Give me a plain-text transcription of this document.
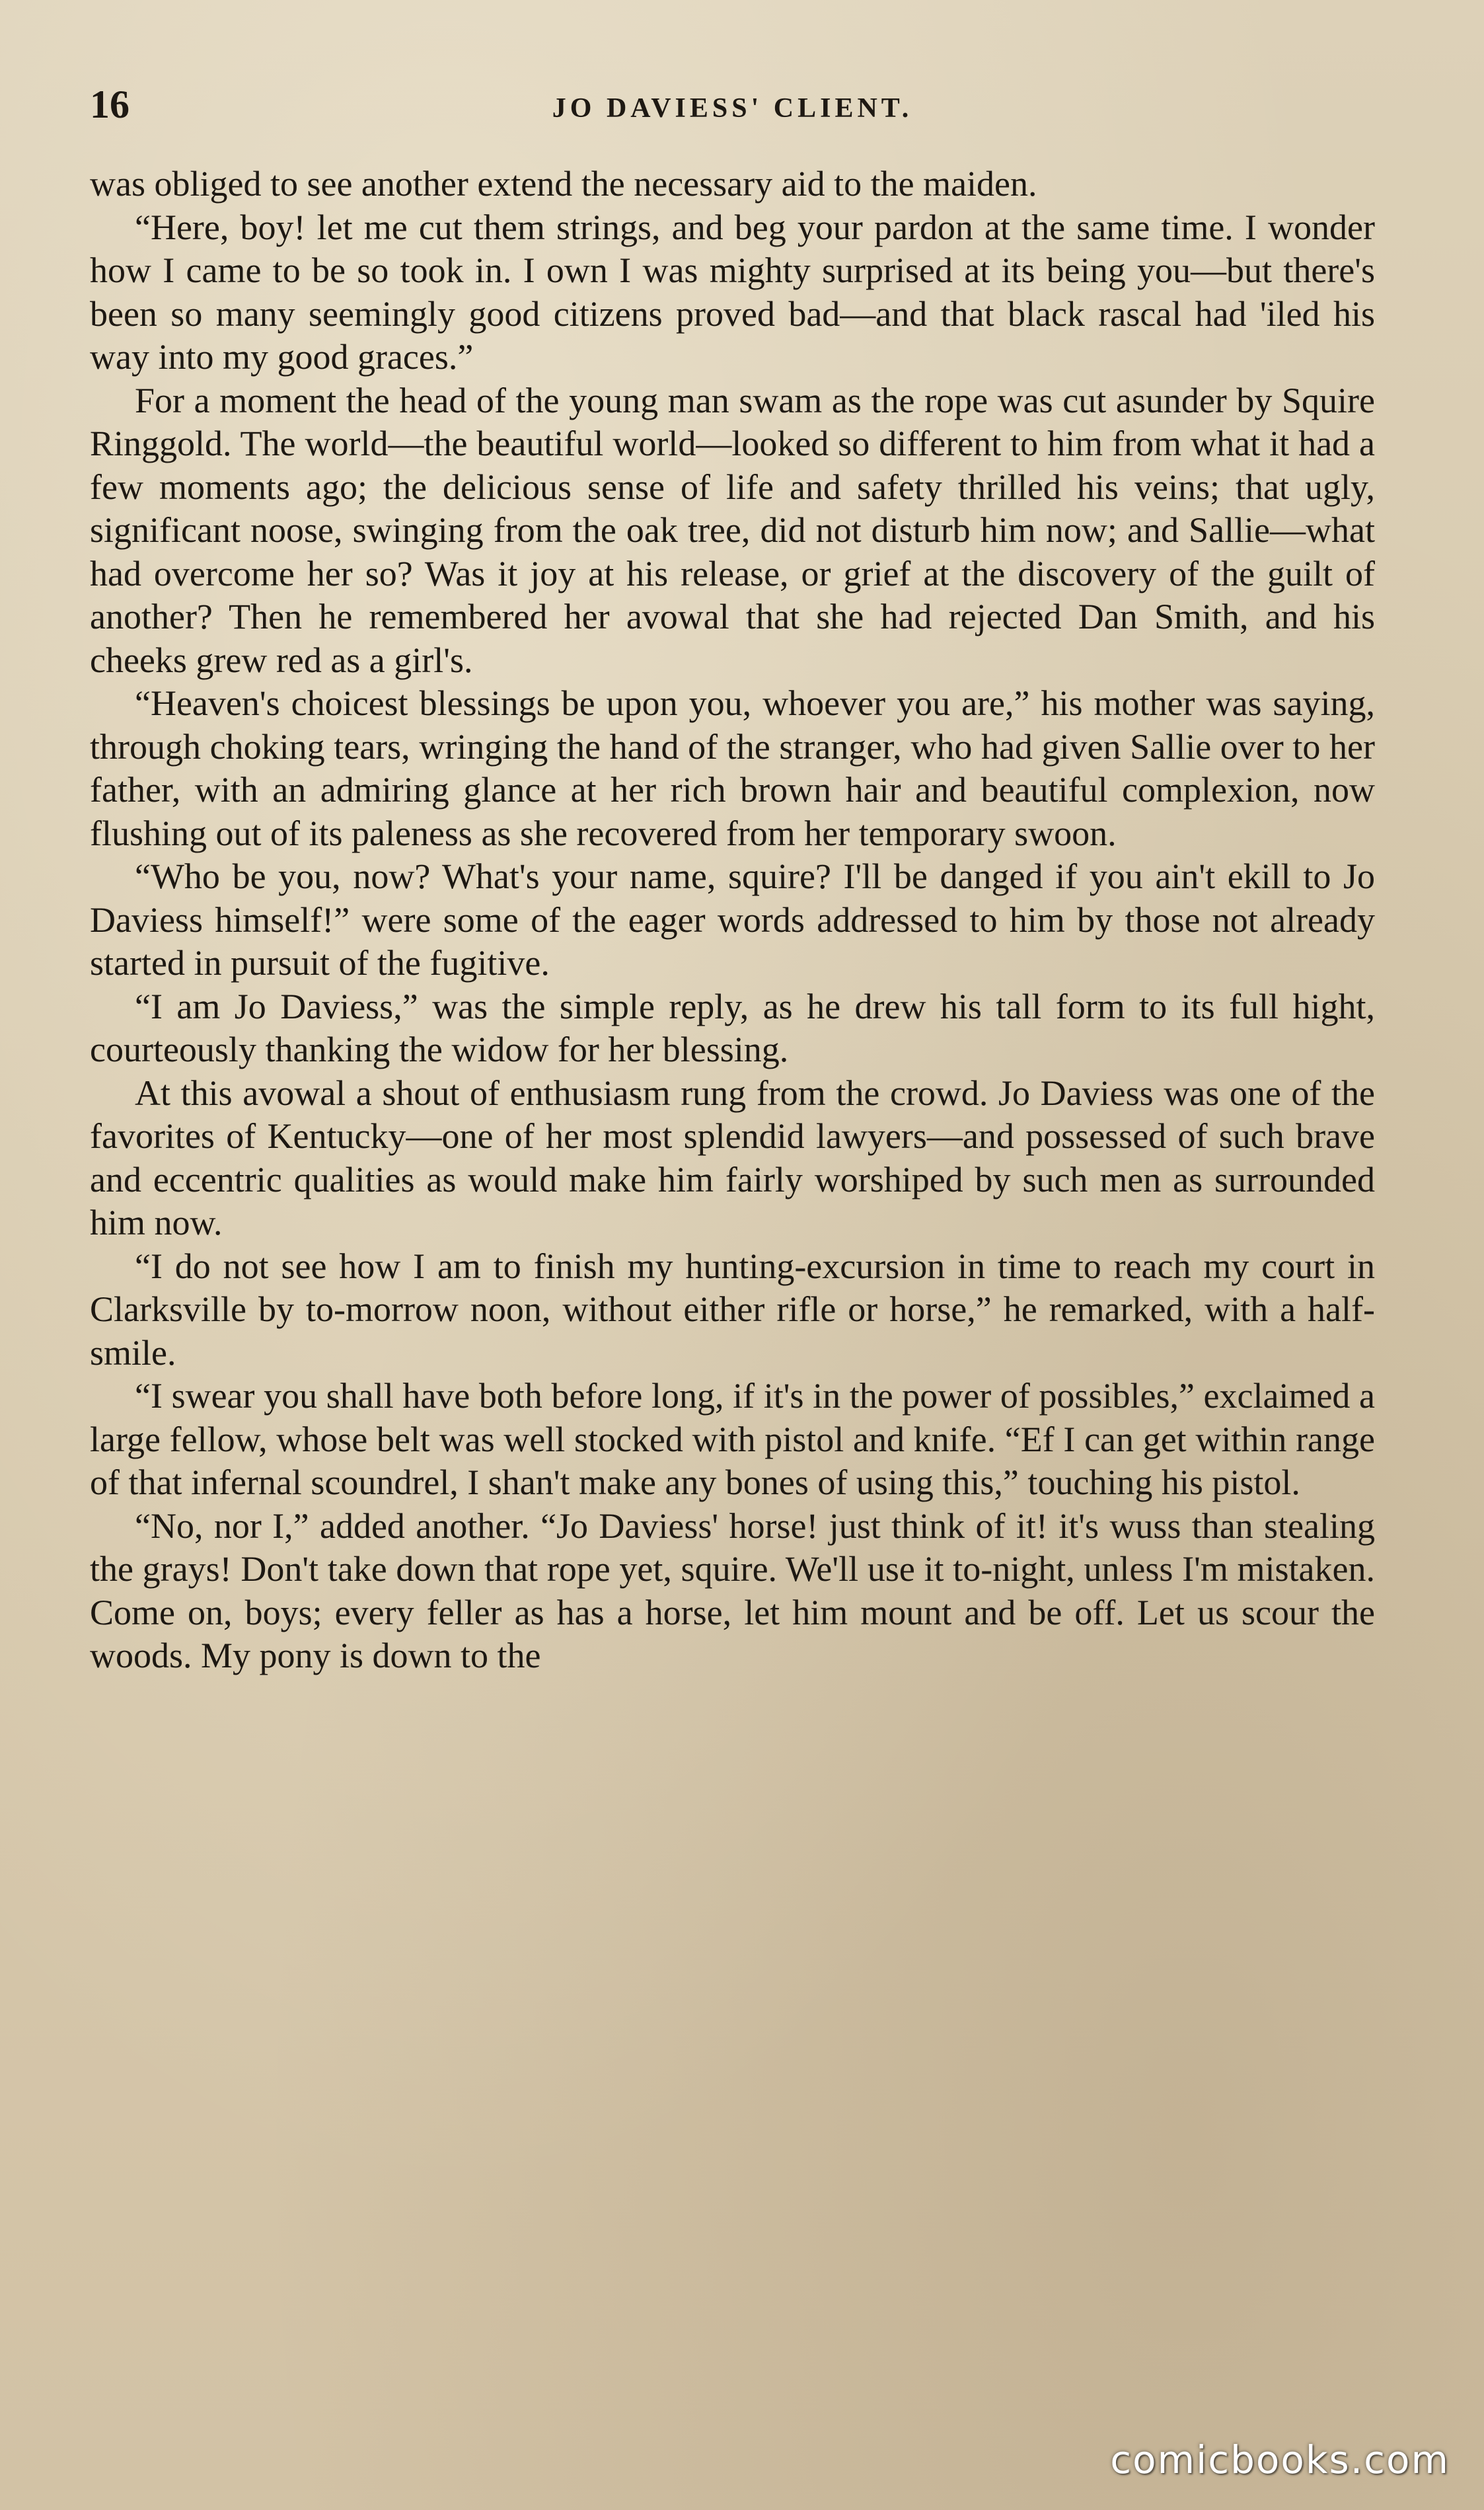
16	JO DAVIESS' CLIENT.

was obliged to see another extend the necessary aid to the maiden.

“Here, boy! let me cut them strings, and beg your pardon at the same time. I wonder how I came to be so took in. I own I was mighty surprised at its being you—but there's been so many seemingly good citizens proved bad—and that black rascal had 'iled his way into my good graces.”

For a moment the head of the young man swam as the rope was cut asunder by Squire Ringgold. The world—the beautiful world—looked so different to him from what it had a few moments ago; the delicious sense of life and safety thrilled his veins; that ugly, significant noose, swinging from the oak tree, did not disturb him now; and Sallie—what had overcome her so? Was it joy at his release, or grief at the discovery of the guilt of another? Then he remembered her avowal that she had rejected Dan Smith, and his cheeks grew red as a girl's.

“Heaven's choicest blessings be upon you, whoever you are,” his mother was saying, through choking tears, wringing the hand of the stranger, who had given Sallie over to her father, with an admiring glance at her rich brown hair and beautiful complexion, now flushing out of its paleness as she recovered from her temporary swoon.

“Who be you, now? What's your name, squire? I'll be danged if you ain't ekill to Jo Daviess himself!” were some of the eager words addressed to him by those not already started in pursuit of the fugitive.

“I am Jo Daviess,” was the simple reply, as he drew his tall form to its full hight, courteously thanking the widow for her blessing.

At this avowal a shout of enthusiasm rung from the crowd. Jo Daviess was one of the favorites of Kentucky—one of her most splendid lawyers—and possessed of such brave and eccentric qualities as would make him fairly worshiped by such men as surrounded him now.

“I do not see how I am to finish my hunting-excursion in time to reach my court in Clarksville by to-morrow noon, without either rifle or horse,” he remarked, with a half-smile.

“I swear you shall have both before long, if it's in the power of possibles,” exclaimed a large fellow, whose belt was well stocked with pistol and knife. “Ef I can get within range of that infernal scoundrel, I shan't make any bones of using this,” touching his pistol.

“No, nor I,” added another. “Jo Daviess' horse! just think of it! it's wuss than stealing the grays! Don't take down that rope yet, squire. We'll use it to-night, unless I'm mistaken. Come on, boys; every feller as has a horse, let him mount and be off. Let us scour the woods. My pony is down to the

comicbooks.com
